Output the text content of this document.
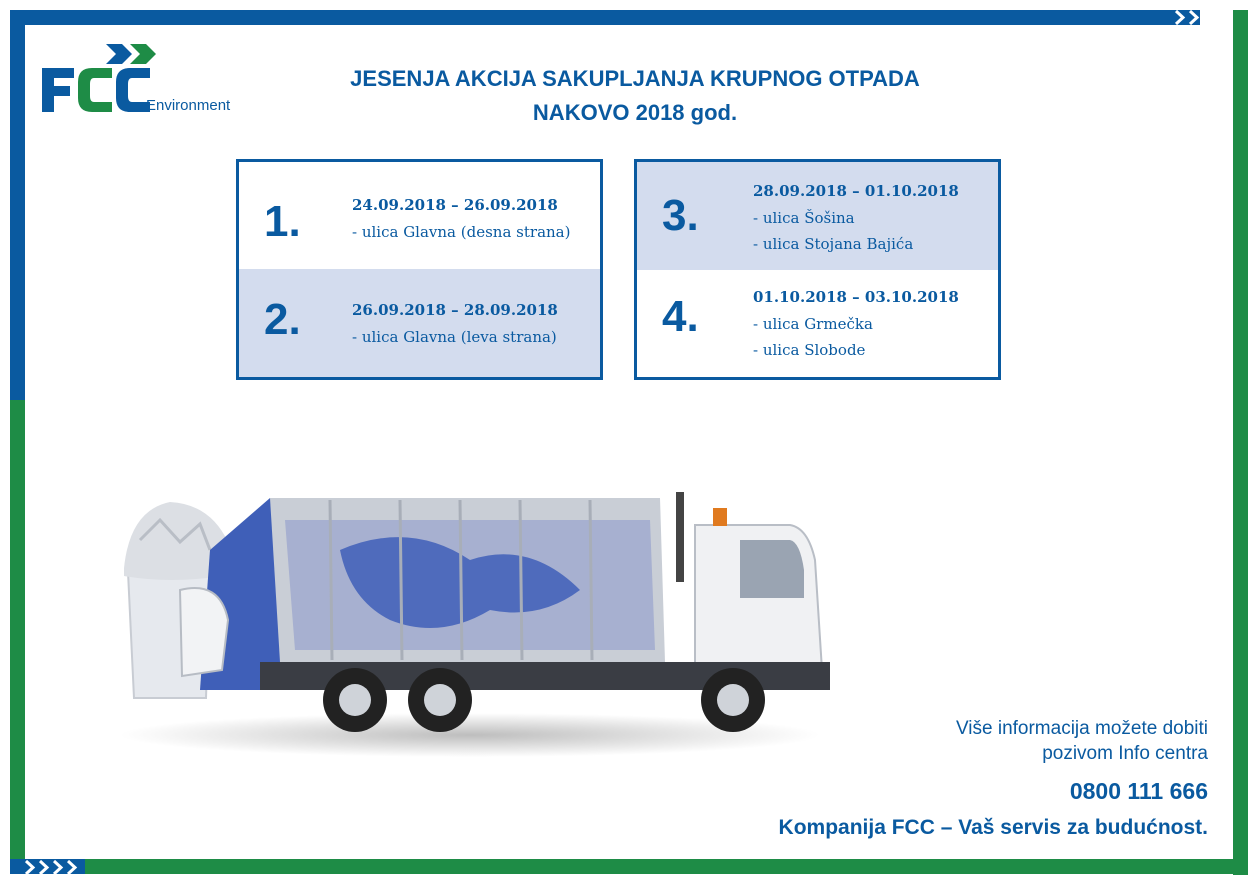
Environment
JESENJA AKCIJA SAKUPLJANJA KRUPNOG OTPADA
NAKOVO 2018 god.
1.	24.09.2018 – 26.09.2018
- ulica Glavna (desna strana)
2.	26.09.2018 – 28.09.2018
- ulica Glavna (leva strana)
3.	28.09.2018 – 01.10.2018
- ulica Šošina
- ulica Stojana Bajića
4.	01.10.2018 – 03.10.2018
- ulica Grmečka
- ulica Slobode
Više informacija možete dobiti
pozivom Info centra
0800 111 666
Kompanija FCC – Vaš servis za budućnost.
